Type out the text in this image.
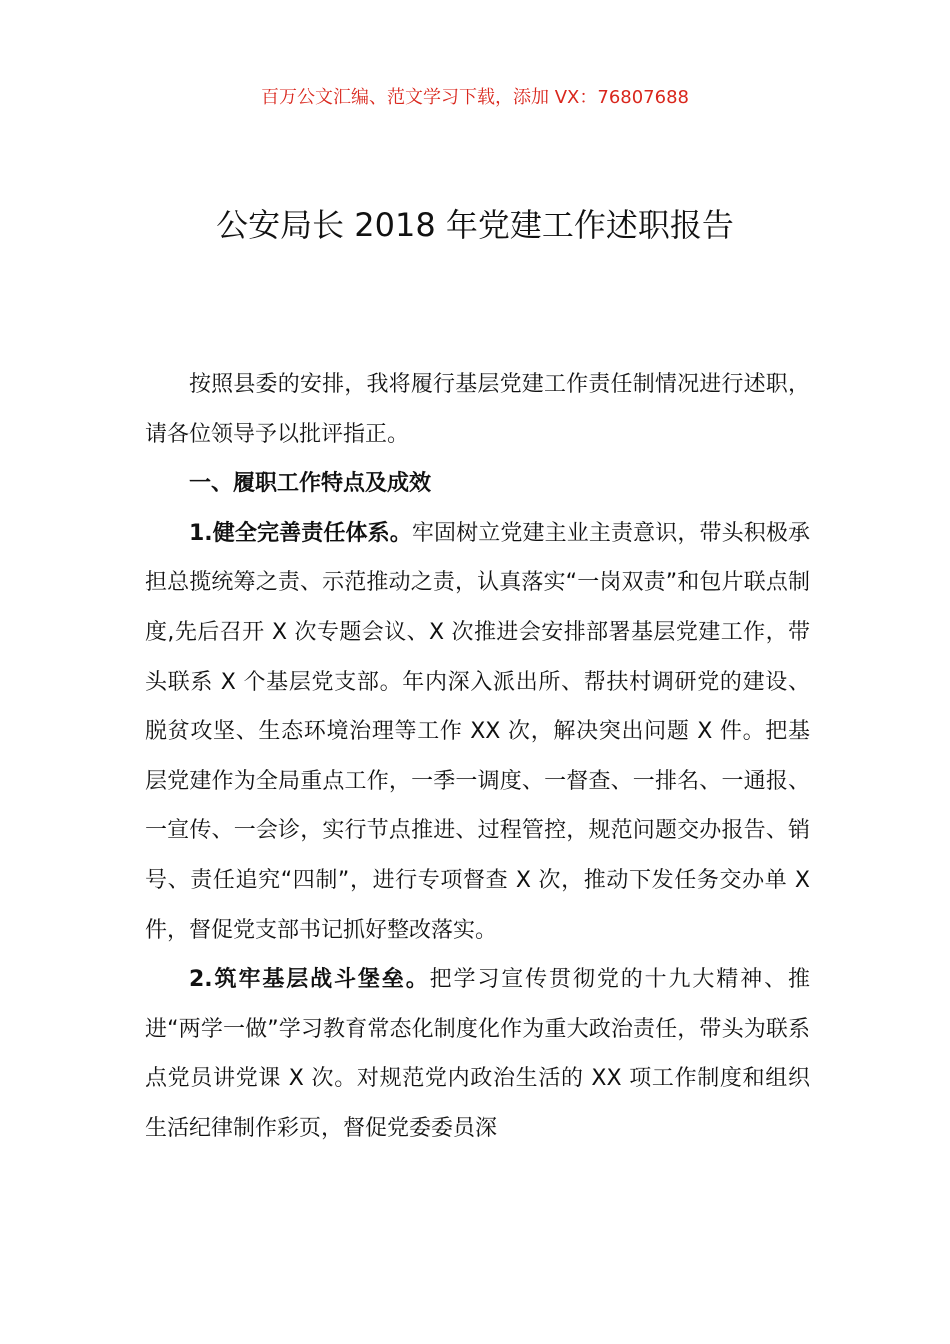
百万公文汇编、范文学习下载，添加 VX：76807688
公安局长 2018 年党建工作述职报告

按照县委的安排，我将履行基层党建工作责任制情况进行述职，请各位领导予以批评指正。

一、履职工作特点及成效

1.健全完善责任体系。牢固树立党建主业主责意识，带头积极承担总揽统筹之责、示范推动之责，认真落实“一岗双责”和包片联点制度,先后召开 X 次专题会议、X 次推进会安排部署基层党建工作，带头联系 X 个基层党支部。年内深入派出所、帮扶村调研党的建设、脱贫攻坚、生态环境治理等工作 XX 次，解决突出问题 X 件。把基层党建作为全局重点工作，一季一调度、一督查、一排名、一通报、一宣传、一会诊，实行节点推进、过程管控，规范问题交办报告、销号、责任追究“四制”，进行专项督查 X 次，推动下发任务交办单 X 件，督促党支部书记抓好整改落实。

2.筑牢基层战斗堡垒。把学习宣传贯彻党的十九大精神、推进“两学一做”学习教育常态化制度化作为重大政治责任，带头为联系点党员讲党课 X 次。对规范党内政治生活的 XX 项工作制度和组织生活纪律制作彩页，督促党委委员深
